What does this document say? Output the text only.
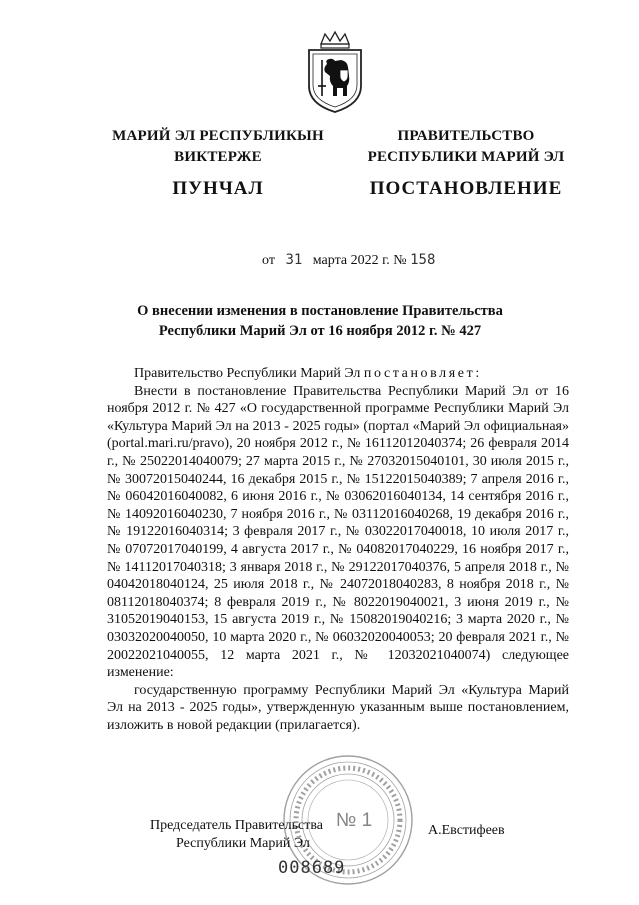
МАРИЙ ЭЛ РЕСПУБЛИКЫН
ВИКТЕРЖЕ
ПУНЧАЛ
ПРАВИТЕЛЬСТВО
РЕСПУБЛИКИ МАРИЙ ЭЛ
ПОСТАНОВЛЕНИЕ
от 31 марта 2022 г. № 158
О внесении изменения в постановление Правительства
Республики Марий Эл от 16 ноября 2012 г. № 427

Правительство Республики Марий Эл постановляет:

Внести в постановление Правительства Республики Марий Эл от 16 ноября 2012 г. № 427 «О государственной программе Республики Марий Эл «Культура Марий Эл на 2013 - 2025 годы» (портал «Марий Эл официальная» (portal.mari.ru/pravo), 20 ноября 2012 г., № 16112012040374; 26 февраля 2014 г., № 25022014040079; 27 марта 2015 г., № 27032015040101, 30 июля 2015 г., № 30072015040244, 16 декабря 2015 г., № 15122015040389; 7 апреля 2016 г., № 06042016040082, 6 июня 2016 г., № 03062016040134, 14 сентября 2016 г., № 14092016040230, 7 ноября 2016 г., № 03112016040268, 19 декабря 2016 г., № 19122016040314; 3 февраля 2017 г., № 03022017040018, 10 июля 2017 г., № 07072017040199, 4 августа 2017 г., № 04082017040229, 16 ноября 2017 г., № 14112017040318; 3 января 2018 г., № 29122017040376, 5 апреля 2018 г., № 04042018040124, 25 июля 2018 г., № 24072018040283, 8 ноября 2018 г., № 08112018040374; 8 февраля 2019 г., № 8022019040021, 3 июня 2019 г., № 31052019040153, 15 августа 2019 г., № 15082019040216; 3 марта 2020 г., № 03032020040050, 10 марта 2020 г., № 06032020040053; 20 февраля 2021 г., № 20022021040055, 12 марта 2021 г., № 12032021040074) следующее изменение:

государственную программу Республики Марий Эл «Культура Марий Эл на 2013 - 2025 годы», утвержденную указанным выше постановлением, изложить в новой редакции (прилагается).

№ 1
Председатель Правительства
Республики Марий Эл
А.Евстифеев
008689
